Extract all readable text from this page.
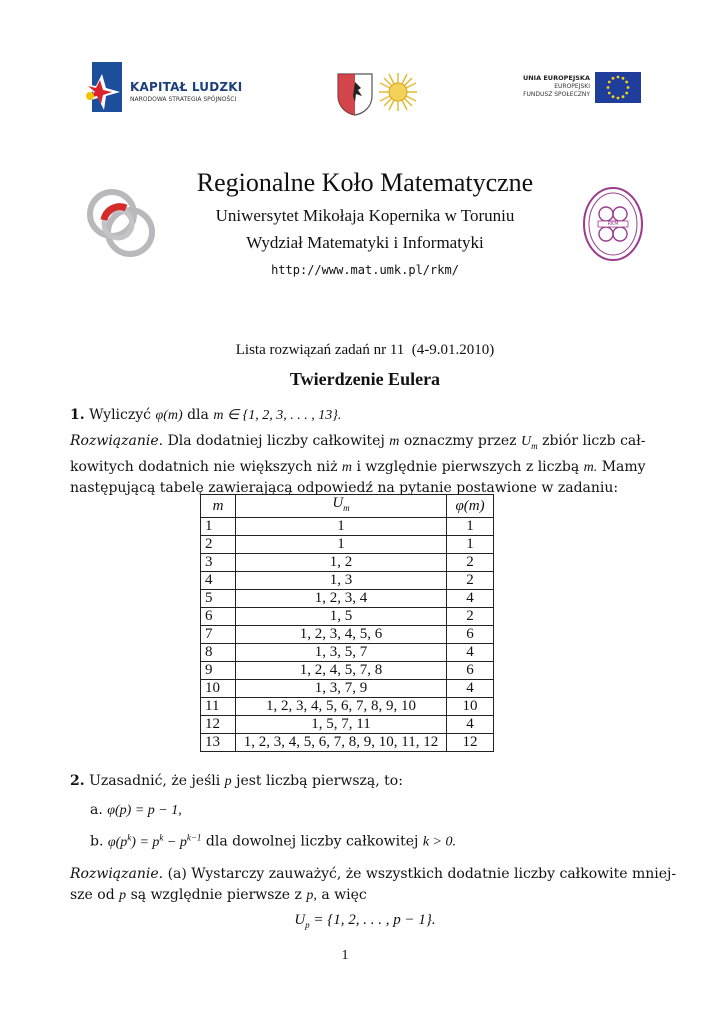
KAPITAŁ LUDZKI
NARODOWA STRATEGIA SPÓJNOŚCI
UNIA EUROPEJSKA
EUROPEJSKI
FUNDUSZ SPOŁECZNY
Regionalne Koło Matematyczne
Uniwersytet Mikołaja Kopernika w Toruniu
Wydział Matematyki i Informatyki
http://www.mat.umk.pl/rkm/
RKM
Lista rozwiązań zadań nr 11 (4-9.01.2010)
Twierdzenie Eulera
1. Wyliczyć φ(m) dla m ∈ {1, 2, 3, . . . , 13}.
Rozwiązanie. Dla dodatniej liczby całkowitej m oznaczmy przez $U_m$ zbiór liczb cał-
kowitych dodatnich nie większych niż m i względnie pierwszych z liczbą m. Mamy
następującą tabelę zawierającą odpowiedź na pytanie postawione w zadaniu:
m	$U_m$	φ(m)
1	1	1
2	1	1
3	1, 2	2
4	1, 3	2
5	1, 2, 3, 4	4
6	1, 5	2
7	1, 2, 3, 4, 5, 6	6
8	1, 3, 5, 7	4
9	1, 2, 4, 5, 7, 8	6
10	1, 3, 7, 9	4
11	1, 2, 3, 4, 5, 6, 7, 8, 9, 10	10
12	1, 5, 7, 11	4
13	1, 2, 3, 4, 5, 6, 7, 8, 9, 10, 11, 12	12
2. Uzasadnić, że jeśli p jest liczbą pierwszą, to:
a. φ(p) = p − 1,
b. $\varphi(p^k) = p^k - p^{k-1}$ dla dowolnej liczby całkowitej k > 0.
Rozwiązanie. (a) Wystarczy zauważyć, że wszystkich dodatnie liczby całkowite mniej-
sze od p są względnie pierwsze z p, a więc
$U_p = \{1$, 2, . . . , p − 1}.
1
